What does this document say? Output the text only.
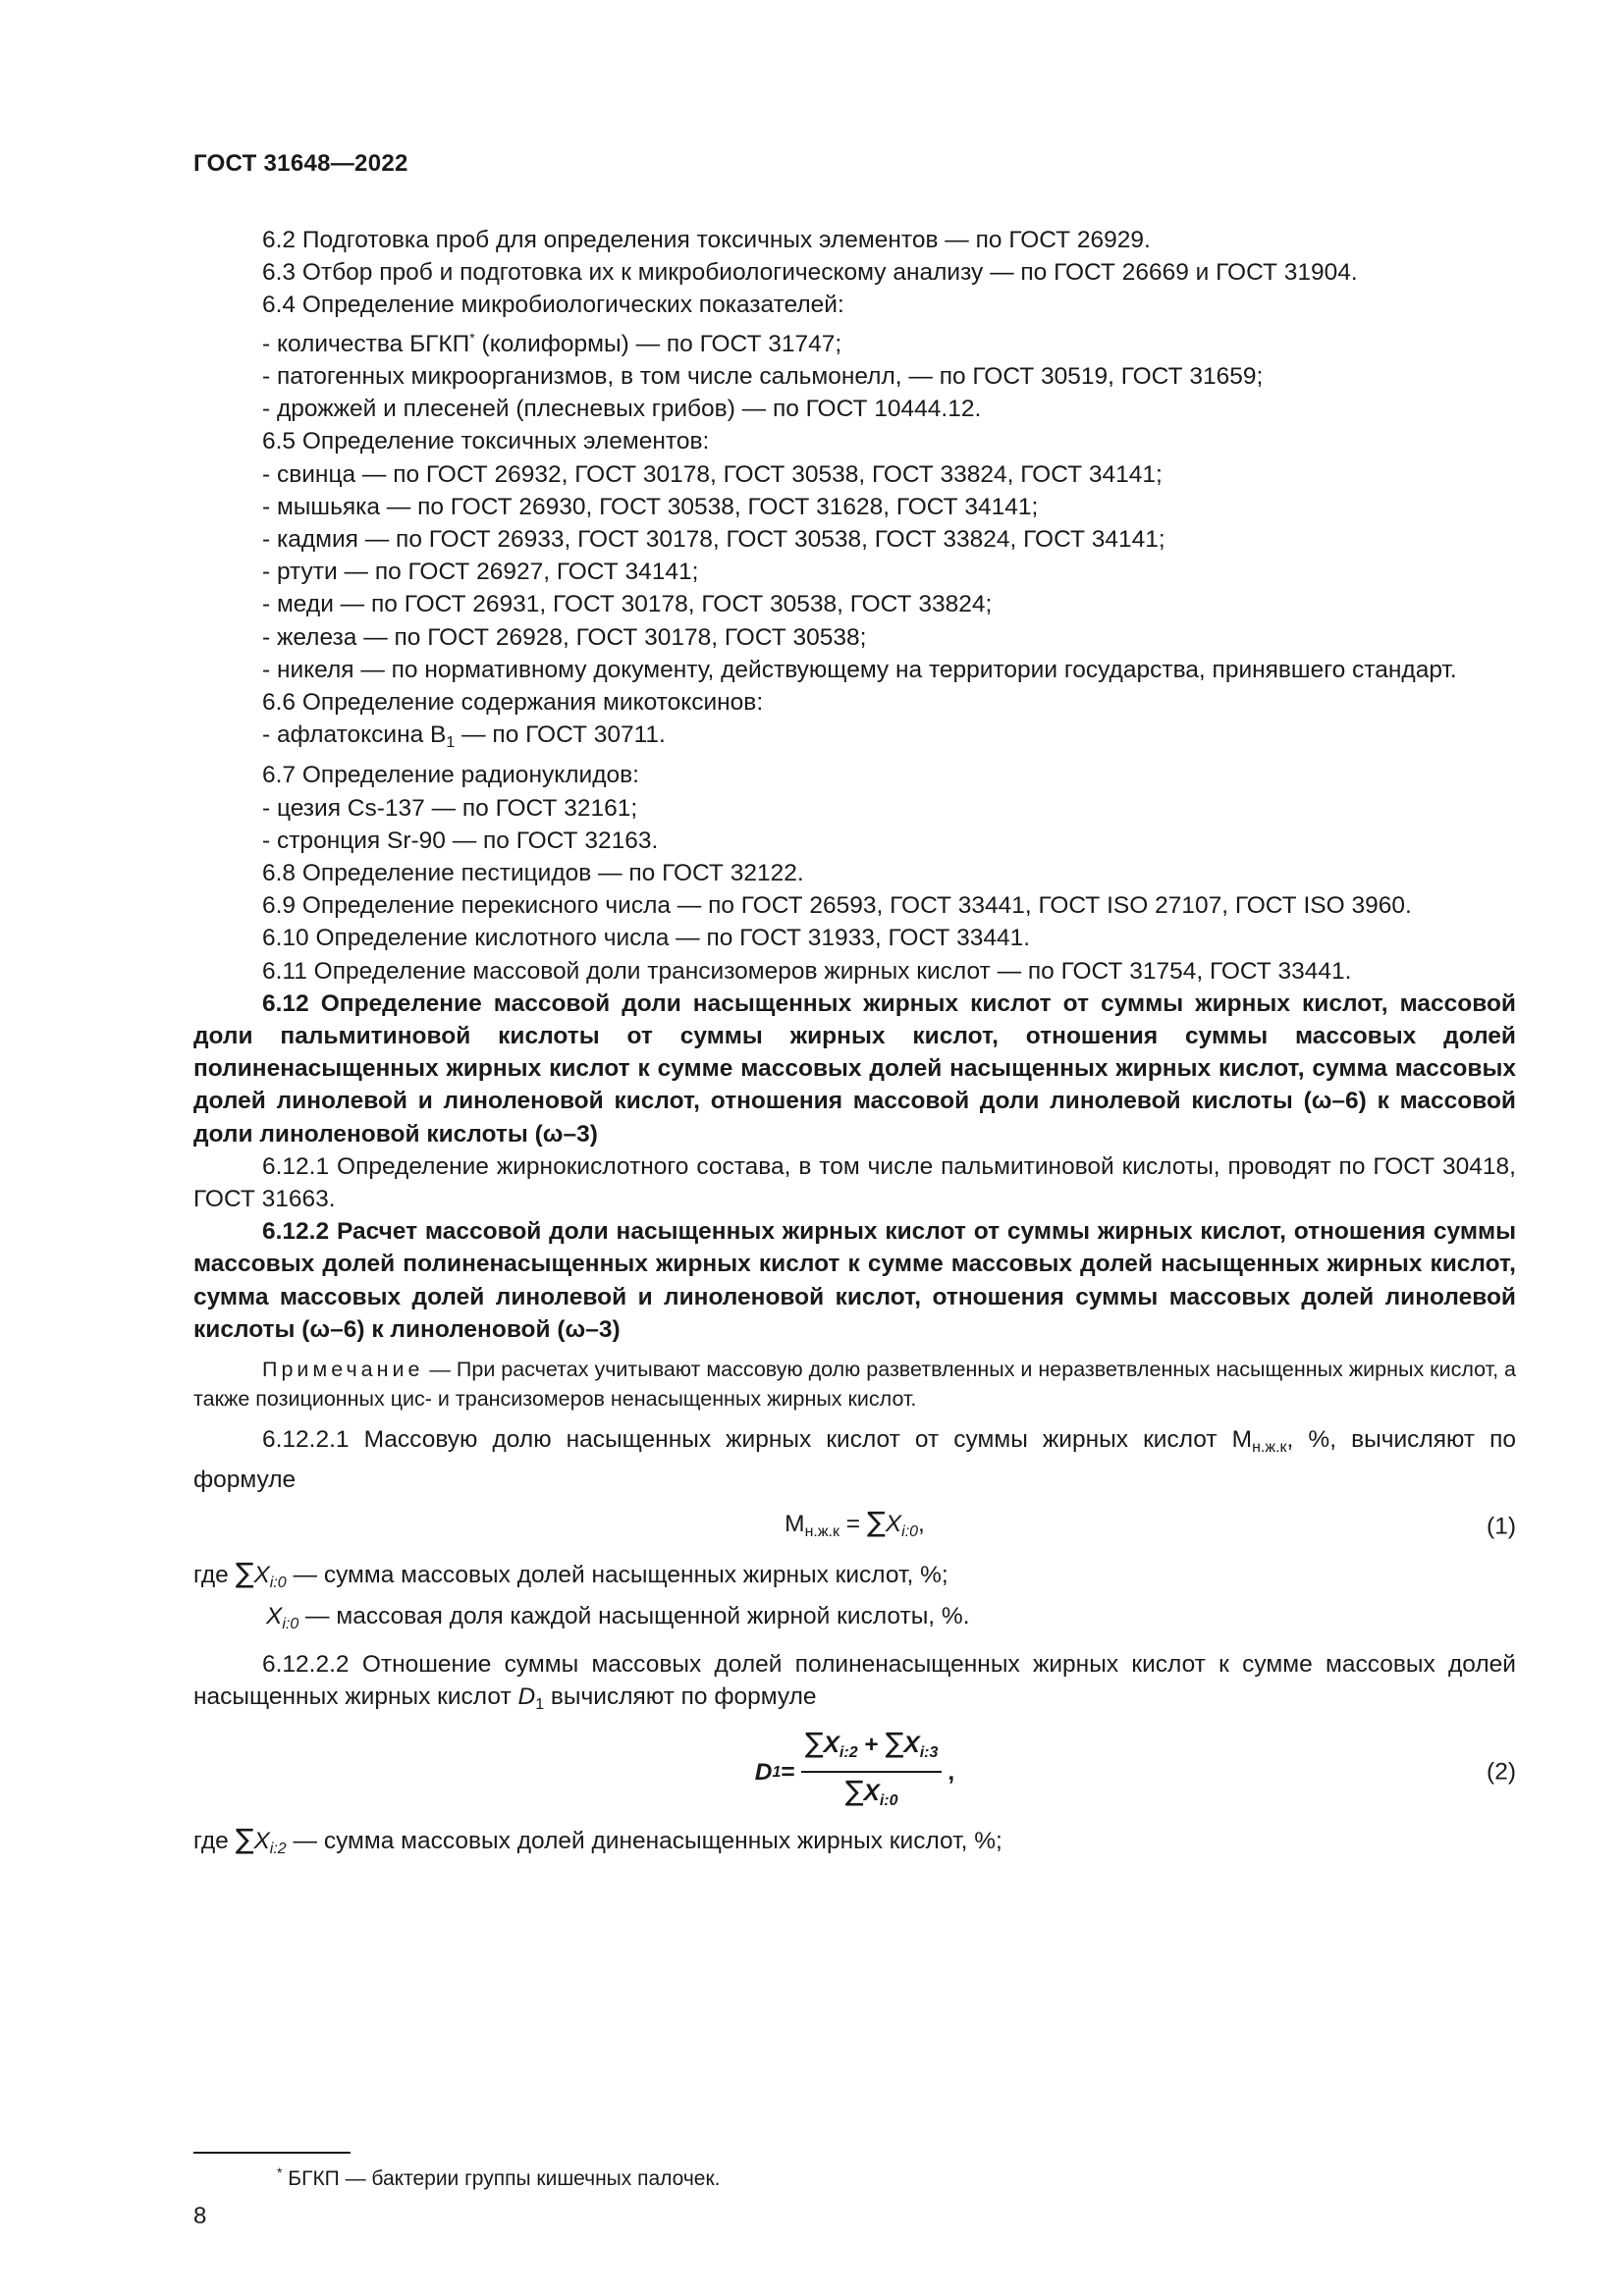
ГОСТ 31648—2022

6.2 Подготовка проб для определения токсичных элементов — по ГОСТ 26929.

6.3 Отбор проб и подготовка их к микробиологическому анализу — по ГОСТ 26669 и ГОСТ 31904.

6.4 Определение микробиологических показателей:

- количества БГКП* (колиформы) — по ГОСТ 31747;

- патогенных микроорганизмов, в том числе сальмонелл, — по ГОСТ 30519, ГОСТ 31659;

- дрожжей и плесеней (плесневых грибов) — по ГОСТ 10444.12.

6.5 Определение токсичных элементов:

- свинца — по ГОСТ 26932, ГОСТ 30178, ГОСТ 30538, ГОСТ 33824, ГОСТ 34141;

- мышьяка — по ГОСТ 26930, ГОСТ 30538, ГОСТ 31628, ГОСТ 34141;

- кадмия — по ГОСТ 26933, ГОСТ 30178, ГОСТ 30538, ГОСТ 33824, ГОСТ 34141;

- ртути — по ГОСТ 26927, ГОСТ 34141;

- меди — по ГОСТ 26931, ГОСТ 30178, ГОСТ 30538, ГОСТ 33824;

- железа — по ГОСТ 26928, ГОСТ 30178, ГОСТ 30538;

- никеля — по нормативному документу, действующему на территории государства, принявшего стандарт.

6.6 Определение содержания микотоксинов:

- афлатоксина $B_1$ — по ГОСТ 30711.

6.7 Определение радионуклидов:

- цезия Cs-137 — по ГОСТ 32161;

- стронция Sr-90 — по ГОСТ 32163.

6.8 Определение пестицидов — по ГОСТ 32122.

6.9 Определение перекисного числа — по ГОСТ 26593, ГОСТ 33441, ГОСТ ISO 27107, ГОСТ ISO 3960.

6.10 Определение кислотного числа — по ГОСТ 31933, ГОСТ 33441.

6.11 Определение массовой доли трансизомеров жирных кислот — по ГОСТ 31754, ГОСТ 33441.

6.12 Определение массовой доли насыщенных жирных кислот от суммы жирных кислот, массовой доли пальмитиновой кислоты от суммы жирных кислот, отношения суммы массовых долей полиненасыщенных жирных кислот к сумме массовых долей насыщенных жирных кислот, сумма массовых долей линолевой и линоленовой кислот, отношения массовой доли линолевой кислоты (ω–6) к массовой доли линоленовой кислоты (ω–3)

6.12.1 Определение жирнокислотного состава, в том числе пальмитиновой кислоты, проводят по ГОСТ 30418, ГОСТ 31663.

6.12.2 Расчет массовой доли насыщенных жирных кислот от суммы жирных кислот, отношения суммы массовых долей полиненасыщенных жирных кислот к сумме массовых долей насыщенных жирных кислот, сумма массовых долей линолевой и линоленовой кислот, отношения суммы массовых долей линолевой кислоты (ω–6) к линоленовой (ω–3)

Примечание — При расчетах учитывают массовую долю разветвленных и неразветвленных насыщенных жирных кислот, а также позиционных цис- и трансизомеров ненасыщенных жирных кислот.

6.12.2.1 Массовую долю насыщенных жирных кислот от суммы жирных кислот $M_{н.ж.к}$, %, вычисляют по формуле

$M_{н.ж.к} = \sum X_{i:0}$,	(1)

где $\sum X_{i:0}$ — сумма массовых долей насыщенных жирных кислот, %;

$X_{i:0}$ — массовая доля каждой насыщенной жирной кислоты, %.

6.12.2.2 Отношение суммы массовых долей полиненасыщенных жирных кислот к сумме массовых долей насыщенных жирных кислот $D_1$ вычисляют по формуле

D $1 = \frac{\sum X_{i:2} + \sum X_{i:3}}{\sum X_{i:0}}$ ,	(2)

где $\sum X_{i:2}$ — сумма массовых долей диненасыщенных жирных кислот, %;

* БГКП — бактерии группы кишечных палочек.
8
